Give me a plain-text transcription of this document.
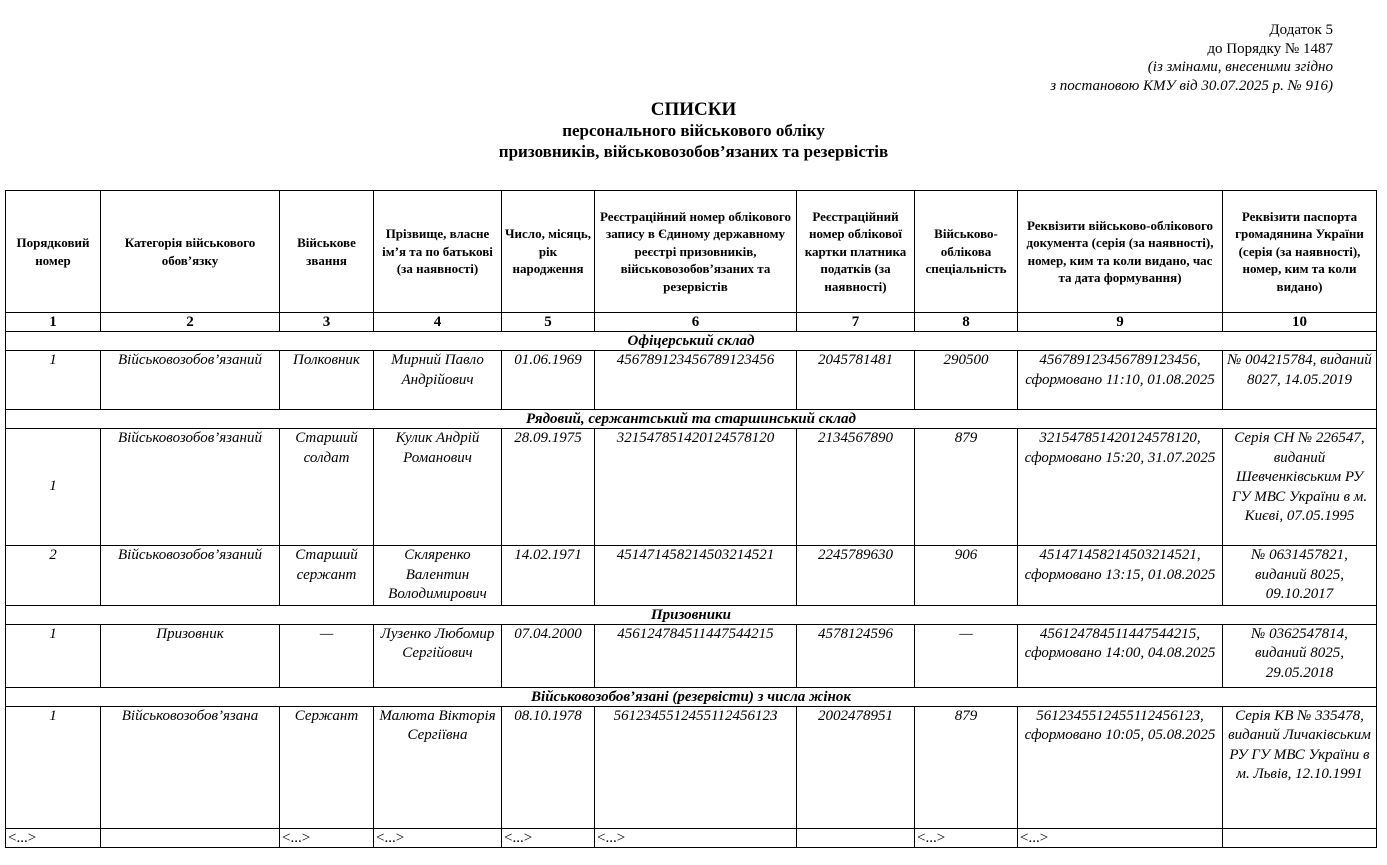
Додаток 5
до Порядку № 1487
(із змінами, внесеними згідно
з постановою КМУ від 30.07.2025 р. № 916)
СПИСКИ
персонального військового обліку
призовників, військовозобов’язаних та резервістів
Порядковий номер	Категорія військового обов’язку	Військове звання	Прізвище, власне ім’я та по батькові (за наявності)	Число, місяць, рік народження	Реєстраційний номер облікового запису в Єдиному державному реєстрі призовників, військовозобов’язаних та резервістів	Реєстраційний номер облікової картки платника податків (за наявності)	Військово-облікова спеціальність	Реквізити військово-облікового документа (серія (за наявності), номер, ким та коли видано, час та дата формування)	Реквізити паспорта громадянина України (серія (за наявності), номер, ким та коли видано)
1	2	3	4	5	6	7	8	9	10
Офіцерський склад									
1	Військовозобов’язаний	Полковник	Мирний Павло Андрійович	01.06.1969	456789123456789123456	2045781481	290500	456789123456789123456, сформовано 11:10, 01.08.2025	№ 004215784, виданий 8027, 14.05.2019
Рядовий, сержантський та старшинський склад									
1	Військовозобов’язаний	Старший солдат	Кулик Андрій Романович	28.09.1975	321547851420124578120	2134567890	879	321547851420124578120, сформовано 15:20, 31.07.2025	Серія СН № 226547, виданий Шевченківським РУ ГУ МВС України в м. Києві, 07.05.1995
2	Військовозобов’язаний	Старший сержант	Скляренко Валентин Володимирович	14.02.1971	451471458214503214521	2245789630	906	451471458214503214521, сформовано 13:15, 01.08.2025	№ 0631457821, виданий 8025, 09.10.2017
Призовники									
1	Призовник	—	Лузенко Любомир Сергійович	07.04.2000	456124784511447544215	4578124596	—	456124784511447544215, сформовано 14:00, 04.08.2025	№ 0362547814, виданий 8025, 29.05.2018
Військовозобов’язані (резервісти) з числа жінок									
1	Військовозобов’язана	Сержант	Малюта Вікторія Сергіївна	08.10.1978	561234551245511245612З	2002478951	879	561234551245511245612З, сформовано 10:05, 05.08.2025	Серія КВ № 335478, виданий Личаківським РУ ГУ МВС України в м. Львів, 12.10.1991
<...>		<...>	<...>	<...>	<...>		<...>	<...>	
